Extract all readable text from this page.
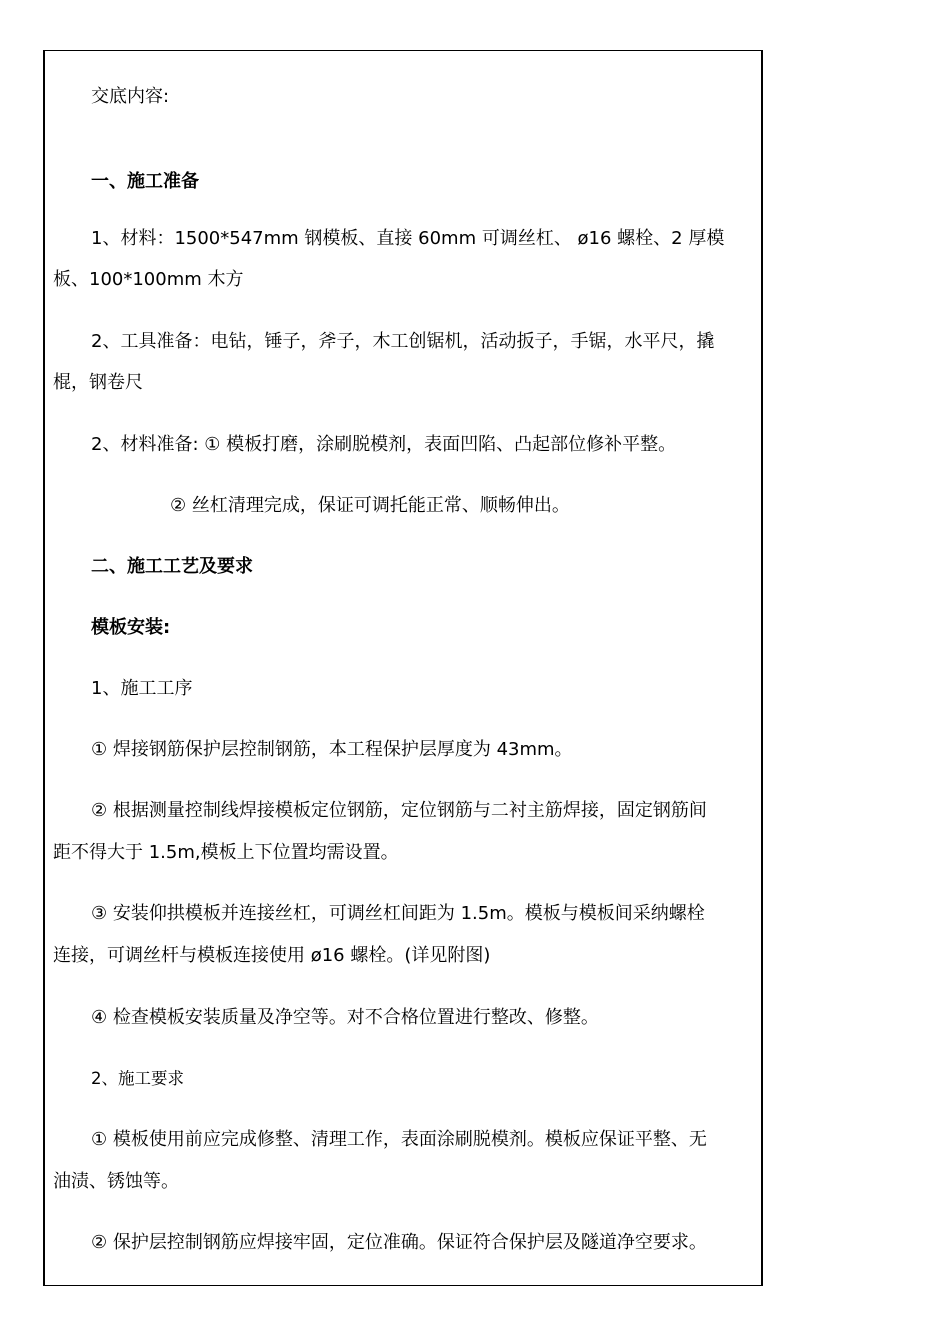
交底内容:
一、施工准备
1、材料：1500*547mm 钢模板、直接 60mm 可调丝杠、 ø16 螺栓、2 厚模
板、100*100mm 木方
2、工具准备：电钻，锤子，斧子，木工创锯机，活动扳子，手锯，水平尺，撬
棍，钢卷尺
2、材料准备: ① 模板打磨，涂刷脱模剂，表面凹陷、凸起部位修补平整。
② 丝杠清理完成，保证可调托能正常、顺畅伸出。
二、施工工艺及要求
模板安装:
1、施工工序
① 焊接钢筋保护层控制钢筋，本工程保护层厚度为 43mm。
② 根据测量控制线焊接模板定位钢筋，定位钢筋与二衬主筋焊接，固定钢筋间
距不得大于 1.5m,模板上下位置均需设置。
③ 安装仰拱模板并连接丝杠，可调丝杠间距为 1.5m。模板与模板间采纳螺栓
连接，可调丝杆与模板连接使用 ø16 螺栓。(详见附图)
④ 检查模板安装质量及净空等。对不合格位置进行整改、修整。
2、施工要求
① 模板使用前应完成修整、清理工作，表面涂刷脱模剂。模板应保证平整、无
油渍、锈蚀等。
② 保护层控制钢筋应焊接牢固，定位准确。保证符合保护层及隧道净空要求。
